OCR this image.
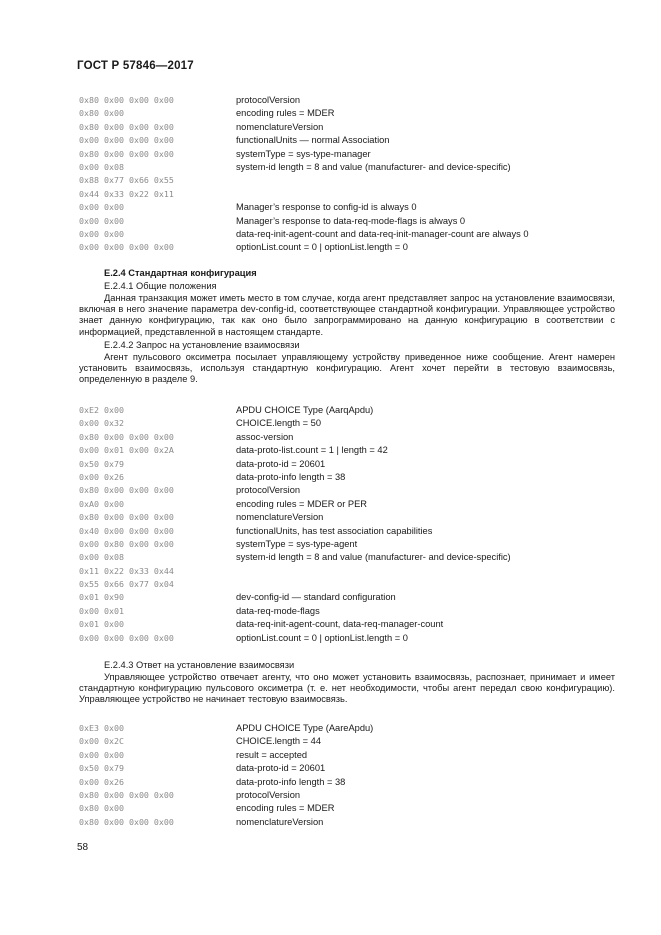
ГОСТ Р 57846—2017
0x80 0x00 0x00 0x00	protocolVersion
0x80 0x00	encoding rules = MDER
0x80 0x00 0x00 0x00	nomenclatureVersion
0x00 0x00 0x00 0x00	functionalUnits — normal Association
0x80 0x00 0x00 0x00	systemType = sys-type-manager
0x00 0x08	system-id length = 8 and value (manufacturer- and device-specific)
0x88 0x77 0x66 0x55
0x44 0x33 0x22 0x11
0x00 0x00	Manager’s response to config-id is always 0
0x00 0x00	Manager’s response to data-req-mode-flags is always 0
0x00 0x00	data-req-init-agent-count and data-req-init-manager-count are always 0
0x00 0x00 0x00 0x00	optionList.count = 0 | optionList.length = 0
E.2.4 Стандартная конфигурация
E.2.4.1 Общие положения

Данная транзакция может иметь место в том случае, когда агент представляет запрос на установление взаимосвязи, включая в него значение параметра dev-config-id, соответствующее стандартной конфигурации. Управляющее устройство знает данную конфигурацию, так как оно было запрограммировано на данную конфигурацию в соответствии с информацией, представленной в настоящем стандарте.

E.2.4.2 Запрос на установление взаимосвязи

Агент пульсового оксиметра посылает управляющему устройству приведенное ниже сообщение. Агент намерен установить взаимосвязь, используя стандартную конфигурацию. Агент хочет перейти в тестовую взаимосвязь, определенную в разделе 9.

0xE2 0x00	APDU CHOICE Type (AarqApdu)
0x00 0x32	CHOICE.length = 50
0x80 0x00 0x00 0x00	assoc-version
0x00 0x01 0x00 0x2A	data-proto-list.count = 1 | length = 42
0x50 0x79	data-proto-id = 20601
0x00 0x26	data-proto-info length = 38
0x80 0x00 0x00 0x00	protocolVersion
0xA0 0x00	encoding rules = MDER or PER
0x80 0x00 0x00 0x00	nomenclatureVersion
0x40 0x00 0x00 0x00	functionalUnits, has test association capabilities
0x00 0x80 0x00 0x00	systemType = sys-type-agent
0x00 0x08	system-id length = 8 and value (manufacturer- and device-specific)
0x11 0x22 0x33 0x44
0x55 0x66 0x77 0x04
0x01 0x90	dev-config-id — standard configuration
0x00 0x01	data-req-mode-flags
0x01 0x00	data-req-init-agent-count, data-req-manager-count
0x00 0x00 0x00 0x00	optionList.count = 0 | optionList.length = 0
E.2.4.3 Ответ на установление взаимосвязи

Управляющее устройство отвечает агенту, что оно может установить взаимосвязь, распознает, принимает и имеет стандартную конфигурацию пульсового оксиметра (т. е. нет необходимости, чтобы агент передал свою конфигурацию). Управляющее устройство не начинает тестовую взаимосвязь.

0xE3 0x00	APDU CHOICE Type (AareApdu)
0x00 0x2C	CHOICE.length = 44
0x00 0x00	result = accepted
0x50 0x79	data-proto-id = 20601
0x00 0x26	data-proto-info length = 38
0x80 0x00 0x00 0x00	protocolVersion
0x80 0x00	encoding rules = MDER
0x80 0x00 0x00 0x00	nomenclatureVersion
58
